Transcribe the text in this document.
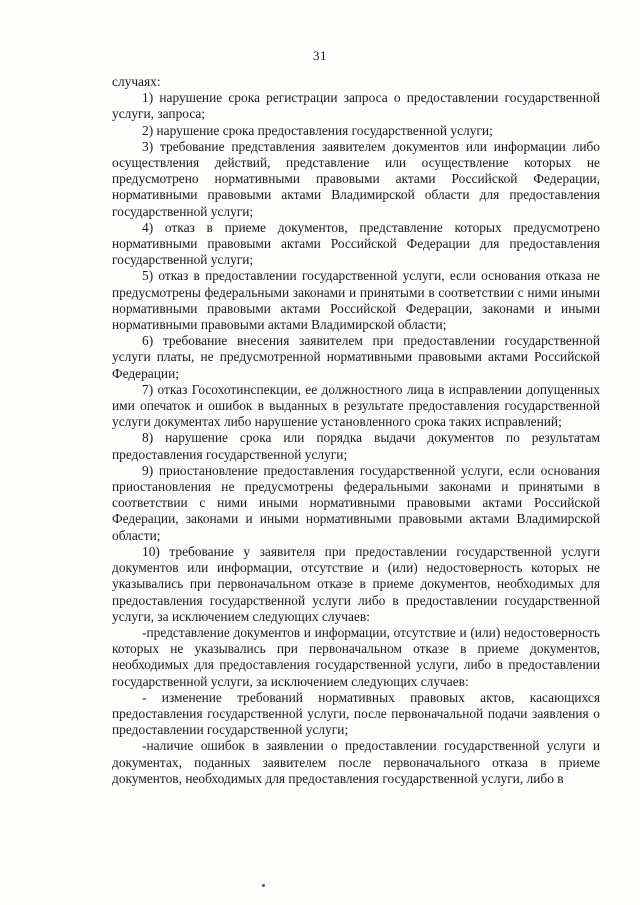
31

случаях:

1) нарушение срока регистрации запроса о предоставлении государственной услуги, запроса;

2) нарушение срока предоставления государственной услуги;

3) требование представления заявителем документов или информации либо осуществления действий, представление или осуществление которых не предусмотрено нормативными правовыми актами Российской Федерации, нормативными правовыми актами Владимирской области для предоставления государственной услуги;

4) отказ в приеме документов, представление которых предусмотрено нормативными правовыми актами Российской Федерации для предоставления государственной услуги;

5) отказ в предоставлении государственной услуги, если основания отказа не предусмотрены федеральными законами и принятыми в соответствии с ними иными нормативными правовыми актами Российской Федерации, законами и иными нормативными правовыми актами Владимирской области;

6) требование внесения заявителем при предоставлении государственной услуги платы, не предусмотренной нормативными правовыми актами Российской Федерации;

7) отказ Госохотинспекции, ее должностного лица в исправлении допущенных ими опечаток и ошибок в выданных в результате предоставления государственной услуги документах либо нарушение установленного срока таких исправлений;

8) нарушение срока или порядка выдачи документов по результатам предоставления государственной услуги;

9) приостановление предоставления государственной услуги, если основания приостановления не предусмотрены федеральными законами и принятыми в соответствии с ними иными нормативными правовыми актами Российской Федерации, законами и иными нормативными правовыми актами Владимирской области;

10) требование у заявителя при предоставлении государственной услуги документов или информации, отсутствие и (или) недостоверность которых не указывались при первоначальном отказе в приеме документов, необходимых для предоставления государственной услуги либо в предоставлении государственной услуги, за исключением следующих случаев:

-представление документов и информации, отсутствие и (или) недостоверность которых не указывались при первоначальном отказе в приеме документов, необходимых для предоставления государственной услуги, либо в предоставлении государственной услуги, за исключением следующих случаев:

- изменение требований нормативных правовых актов, касающихся предоставления государственной услуги, после первоначальной подачи заявления о предоставлении государственной услуги;

-наличие ошибок в заявлении о предоставлении государственной услуги и документах, поданных заявителем после первоначального отказа в приеме документов, необходимых для предоставления государственной услуги, либо в
